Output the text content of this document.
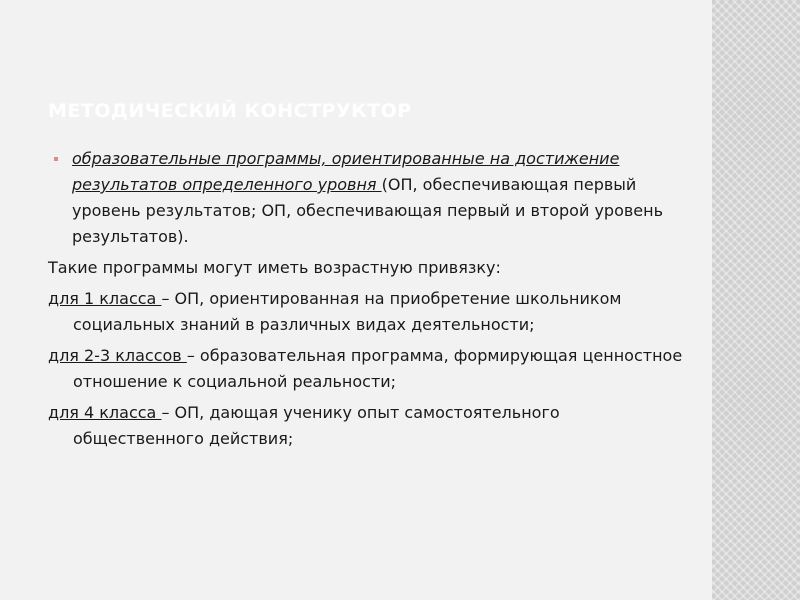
МЕТОДИЧЕСКИЙ КОНСТРУКТОР

образовательные программы, ориентированные на достижение результатов определенного уровня (ОП, обеспечивающая первый уровень результатов; ОП, обеспечивающая первый и второй уровень результатов).

Такие программы могут иметь возрастную привязку:

для 1 класса – ОП, ориентированная на приобретение школьником социальных знаний в различных видах деятельности;

для 2-3 классов – образовательная программа, формирующая ценностное отношение к социальной реальности;

для 4 класса – ОП, дающая ученику опыт самостоятельного общественного действия;
